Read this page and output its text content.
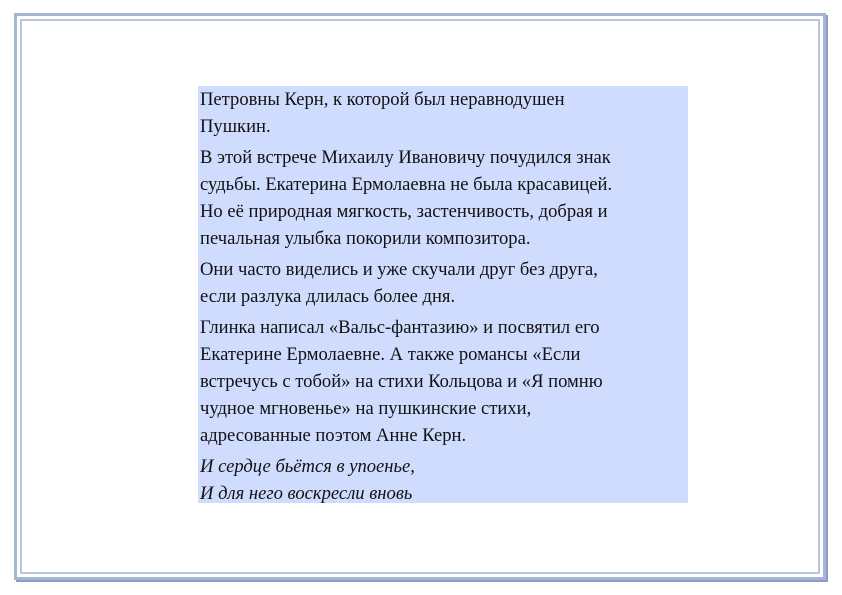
Петровны Керн, к которой был неравнодушен
Пушкин.
В этой встрече Михаилу Ивановичу почудился знак
судьбы. Екатерина Ермолаевна не была красавицей.
Но её природная мягкость, застенчивость, добрая и
печальная улыбка покорили композитора.
Они часто виделись и уже скучали друг без друга,
если разлука длилась более дня.
Глинка написал «Вальс-фантазию» и посвятил его
Екатерине Ермолаевне. А также романсы «Если
встречусь с тобой» на стихи Кольцова и «Я помню
чудное мгновенье» на пушкинские стихи,
адресованные поэтом Анне Керн.
И сердце бьётся в упоенье,
И для него воскресли вновь
